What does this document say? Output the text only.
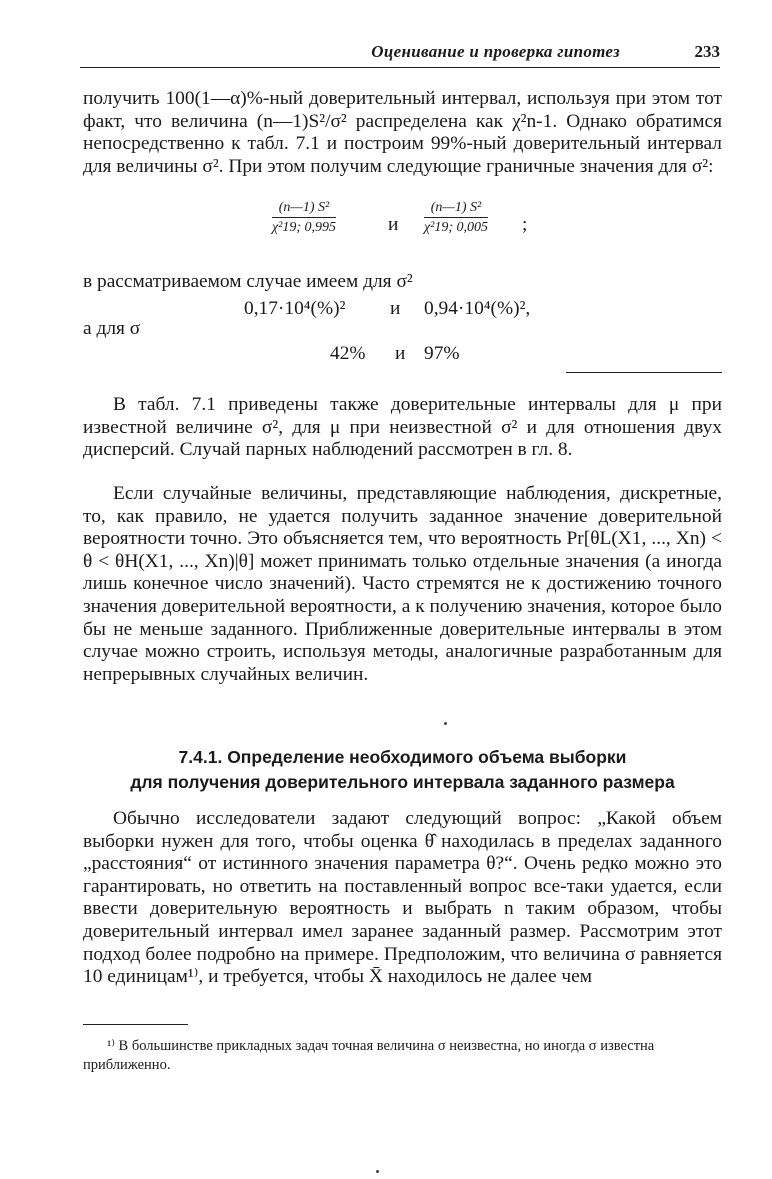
Оценивание и проверка гипотез	233
получить 100(1—α)%-ный доверительный интервал, используя при этом тот факт, что величина (n—1)S²/σ² распределена как χ²n-1. Однако обратимся непосредственно к табл. 7.1 и построим 99%-ный доверительный интервал для величины σ². При этом получим следующие граничные значения для σ²:
(n—1) S²
χ²19; 0,995	и
(n—1) S²
χ²19; 0,005 ;
в рассматриваемом случае имеем для σ²
0,17·10⁴(%)² и 0,94·10⁴(%)²,
а для σ
42% и 97%
В табл. 7.1 приведены также доверительные интервалы для μ при известной величине σ², для μ при неизвестной σ² и для отношения двух дисперсий. Случай парных наблюдений рассмотрен в гл. 8.
Если случайные величины, представляющие наблюдения, дискретные, то, как правило, не удается получить заданное значение доверительной вероятности точно. Это объясняется тем, что вероятность Pr[θL(X1, ..., Xn) < θ < θH(X1, ..., Xn)|θ] может принимать только отдельные значения (а иногда лишь конечное число значений). Часто стремятся не к достижению точного значения доверительной вероятности, а к получению значения, которое было бы не меньше заданного. Приближенные доверительные интервалы в этом случае можно строить, используя методы, аналогичные разработанным для непрерывных случайных величин.
7.4.1. Определение необходимого объема выборки
для получения доверительного интервала заданного размера
Обычно исследователи задают следующий вопрос: „Какой объем выборки нужен для того, чтобы оценка θ̂ находилась в пределах заданного „расстояния“ от истинного значения параметра θ?“. Очень редко можно это гарантировать, но ответить на поставленный вопрос все-таки удается, если ввести доверительную вероятность и выбрать n таким образом, чтобы доверительный интервал имел заранее заданный размер. Рассмотрим этот подход более подробно на примере. Предположим, что величина σ равняется 10 единицам¹⁾, и требуется, чтобы X̄ находилось не далее чем
¹⁾ В большинстве прикладных задач точная величина σ неизвестна, но иногда σ известна приближенно.
